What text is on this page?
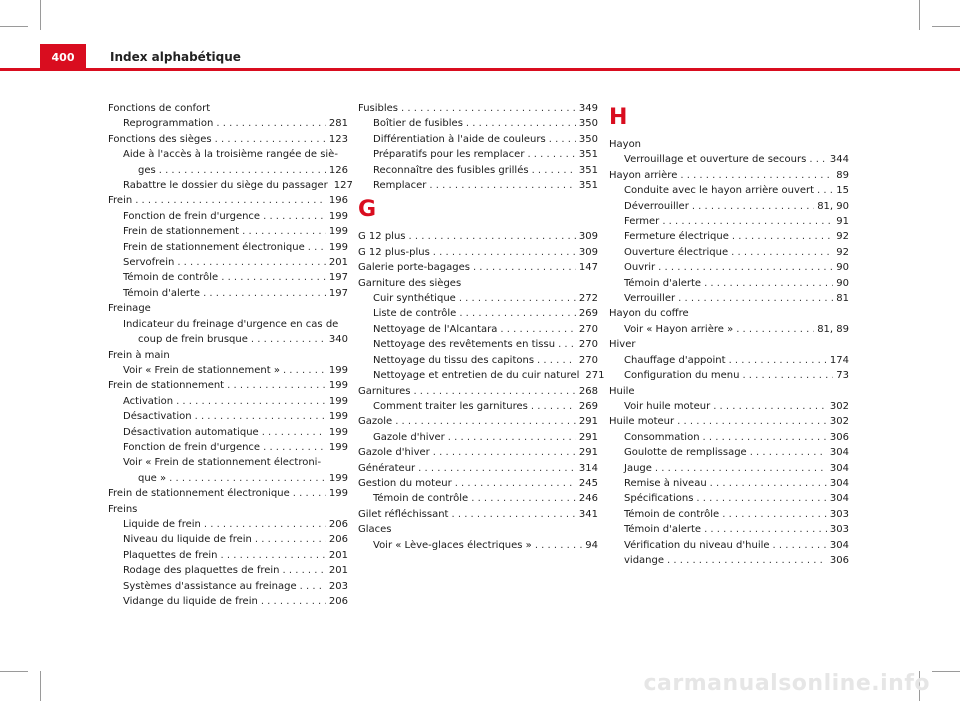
400	Index alphabétique
Fonctions de confort
Reprogrammation . . .	281
Fonctions des sièges . . .	123
Aide à l'accès à la troisième rangée de siè-
ges . . .	126
Rabattre le dossier du siège du passager 127
Frein . . .	196
Fonction de frein d'urgence . . .	199
Frein de stationnement . . .	199
Frein de stationnement électronique . . . 199
Servofrein . . .	201
Témoin de contrôle . . .	197
Témoin d'alerte . . .	197
Freinage
Indicateur du freinage d'urgence en cas de
coup de frein brusque . . .	340
Frein à main
Voir « Frein de stationnement » . . .	199
Frein de stationnement . . .	199
Activation . . .	199
Désactivation . . .	199
Désactivation automatique . . .	199
Fonction de frein d'urgence . . .	199
Voir « Frein de stationnement électroni-
que » . . .	199
Frein de stationnement électronique . . .	199
Freins
Liquide de frein . . .	206
Niveau du liquide de frein . . .	206
Plaquettes de frein . . .	201
Rodage des plaquettes de frein . . .	201
Systèmes d'assistance au freinage . . .	203
Vidange du liquide de frein . . .	206
Fusibles . . .	349
Boîtier de fusibles . . .	350
Différentiation à l'aide de couleurs . . .	350
Préparatifs pour les remplacer . . .	351
Reconnaître des fusibles grillés . . .	351
Remplacer . . .	351
G
G 12 plus . . .	309
G 12 plus-plus . . .	309
Galerie porte-bagages . . .	147
Garniture des sièges
Cuir synthétique . . .	272
Liste de contrôle . . .	269
Nettoyage de l'Alcantara . . .	270
Nettoyage des revêtements en tissu . . . 270
Nettoyage du tissu des capitons . . .	270
Nettoyage et entretien de du cuir naturel 271
Garnitures . . .	268
Comment traiter les garnitures . . .	269
Gazole . . .	291
Gazole d'hiver . . .	291
Gazole d'hiver . . .	291
Générateur . . .	314
Gestion du moteur . . .	245
Témoin de contrôle . . .	246
Gilet réfléchissant . . .	341
Glaces
Voir « Lève-glaces électriques » . . .	94
H
Hayon
Verrouillage et ouverture de secours . . . 344
Hayon arrière . . .	89
Conduite avec le hayon arrière ouvert . . . 15
Déverrouiller . . .	81, 90
Fermer . . .	91
Fermeture électrique . . .	92
Ouverture électrique . . .	92
Ouvrir . . .	90
Témoin d'alerte . . .	90
Verrouiller . . .	81
Hayon du coffre
Voir « Hayon arrière » . . .	81, 89
Hiver
Chauffage d'appoint . . .	174
Configuration du menu . . .	73
Huile
Voir huile moteur . . .	302
Huile moteur . . .	302
Consommation . . .	306
Goulotte de remplissage . . .	304
Jauge . . .	304
Remise à niveau . . .	304
Spécifications . . .	304
Témoin de contrôle . . .	303
Témoin d'alerte . . .	303
Vérification du niveau d'huile . . .	304
vidange . . .	306
carmanualsonline.info
